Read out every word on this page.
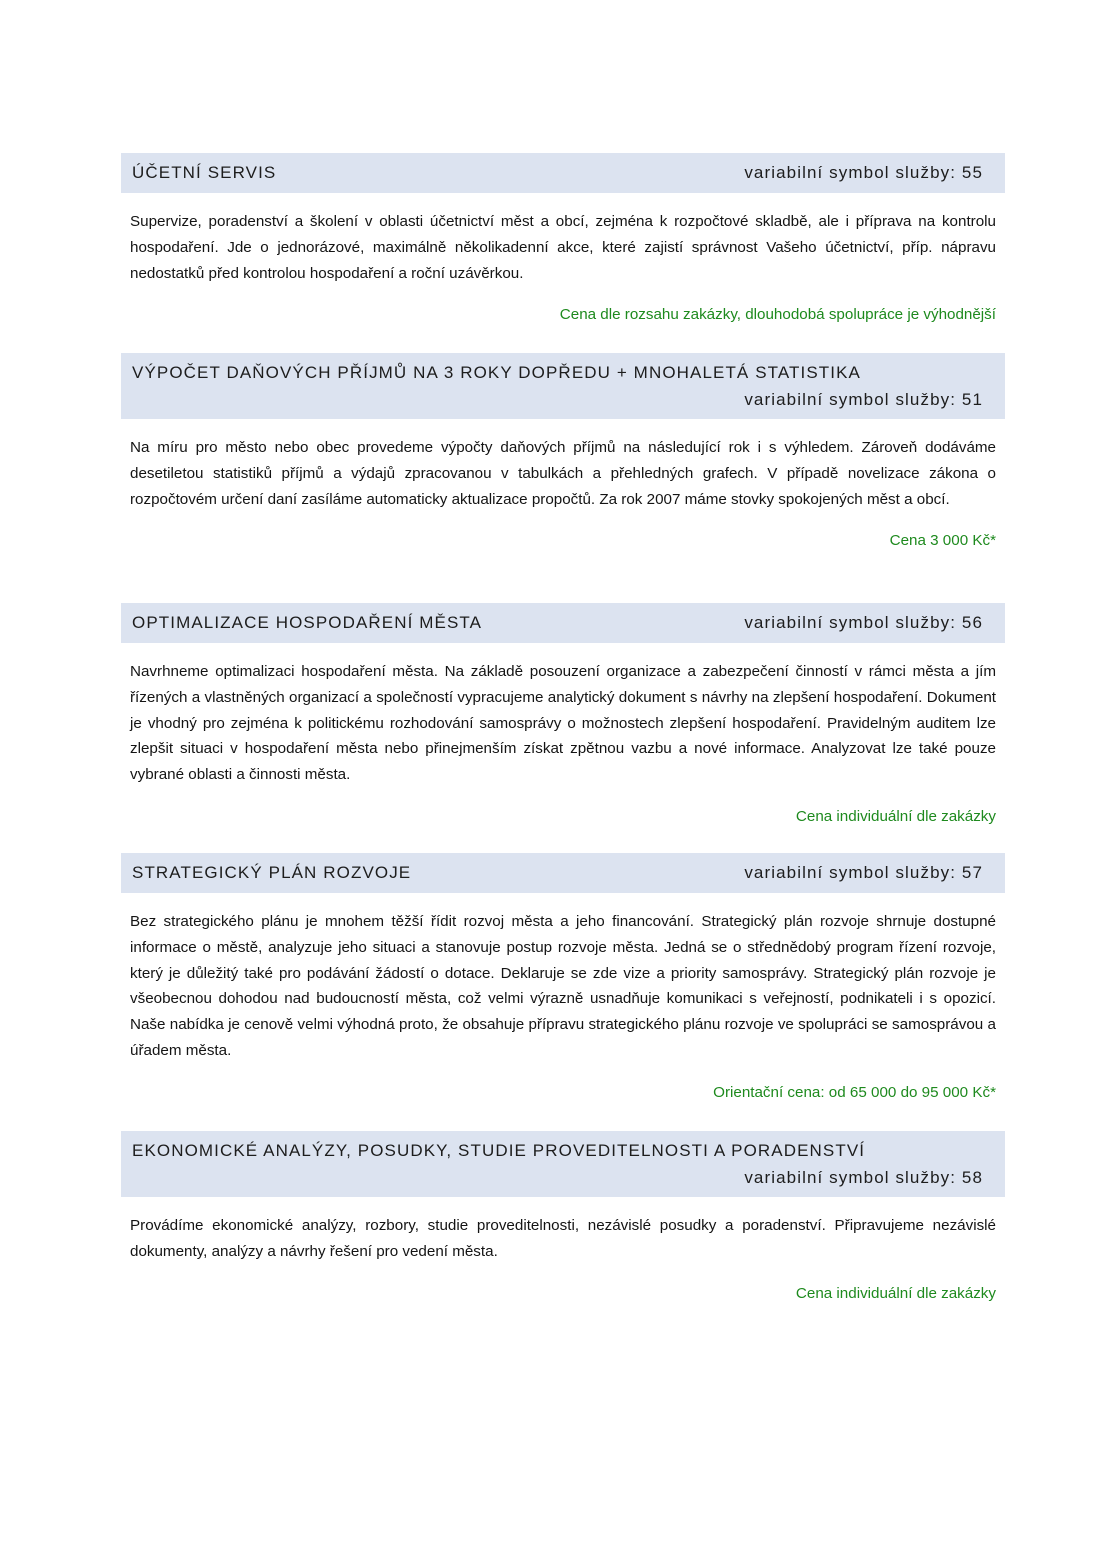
ÚČETNÍ SERVIS	variabilní symbol služby: 55
Supervize, poradenství a školení v oblasti účetnictví měst a obcí, zejména k rozpočtové skladbě, ale i příprava na kontrolu hospodaření. Jde o jednorázové, maximálně několikadenní akce, které zajistí správnost Vašeho účetnictví, příp. nápravu nedostatků před kontrolou hospodaření a roční uzávěrkou.
Cena dle rozsahu zakázky, dlouhodobá spolupráce je výhodnější
VÝPOČET DAŇOVÝCH PŘÍJMŮ NA 3 ROKY DOPŘEDU + MNOHALETÁ STATISTIKA
variabilní symbol služby: 51
Na míru pro město nebo obec provedeme výpočty daňových příjmů na následující rok i s výhledem. Zároveň dodáváme desetiletou statistiků příjmů a výdajů zpracovanou v tabulkách a přehledných grafech. V případě novelizace zákona o rozpočtovém určení daní zasíláme automaticky aktualizace propočtů. Za rok 2007 máme stovky spokojených měst a obcí.
Cena 3 000 Kč*
OPTIMALIZACE HOSPODAŘENÍ MĚSTA	variabilní symbol služby: 56
Navrhneme optimalizaci hospodaření města. Na základě posouzení organizace a zabezpečení činností v rámci města a jím řízených a vlastněných organizací a společností vypracujeme analytický dokument s návrhy na zlepšení hospodaření. Dokument je vhodný pro zejména k politickému rozhodování samosprávy o možnostech zlepšení hospodaření. Pravidelným auditem lze zlepšit situaci v hospodaření města nebo přinejmenším získat zpětnou vazbu a nové informace. Analyzovat lze také pouze vybrané oblasti a činnosti města.
Cena individuální dle zakázky
STRATEGICKÝ PLÁN ROZVOJE	variabilní symbol služby: 57
Bez strategického plánu je mnohem těžší řídit rozvoj města a jeho financování. Strategický plán rozvoje shrnuje dostupné informace o městě, analyzuje jeho situaci a stanovuje postup rozvoje města. Jedná se o střednědobý program řízení rozvoje, který je důležitý také pro podávání žádostí o dotace. Deklaruje se zde vize a priority samosprávy. Strategický plán rozvoje je všeobecnou dohodou nad budoucností města, což velmi výrazně usnadňuje komunikaci s veřejností, podnikateli i s opozicí. Naše nabídka je cenově velmi výhodná proto, že obsahuje přípravu strategického plánu rozvoje ve spolupráci se samosprávou a úřadem města.
Orientační cena: od 65 000 do 95 000 Kč*
EKONOMICKÉ ANALÝZY, POSUDKY, STUDIE PROVEDITELNOSTI A PORADENSTVÍ
variabilní symbol služby: 58
Provádíme ekonomické analýzy, rozbory, studie proveditelnosti, nezávislé posudky a poradenství. Připravujeme nezávislé dokumenty, analýzy a návrhy řešení pro vedení města.
Cena individuální dle zakázky
